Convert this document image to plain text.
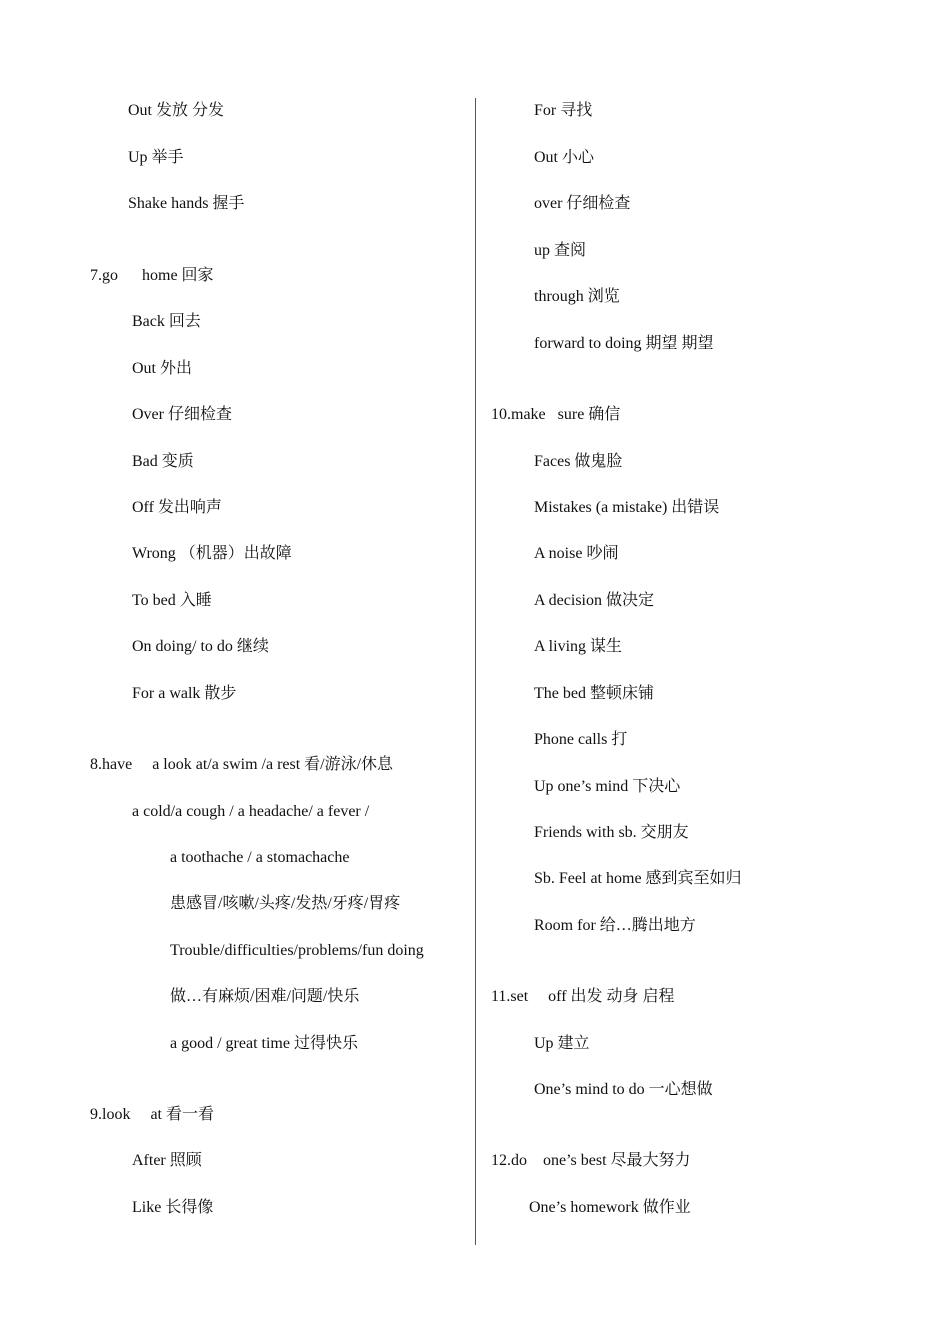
Out 发放 分发
Up 举手
Shake hands 握手
7.go      home 回家
Back 回去
Out 外出
Over 仔细检查
Bad 变质
Off 发出响声
Wrong （机器）出故障
To bed 入睡
On doing/ to do 继续
For a walk 散步
8.have     a look at/a swim /a rest 看/游泳/休息
a cold/a cough / a headache/ a fever /
a toothache / a stomachache
患感冒/咳嗽/头疼/发热/牙疼/胃疼
Trouble/difficulties/problems/fun doing
做…有麻烦/困难/问题/快乐
a good / great time 过得快乐
9.look     at 看一看
After 照顾
Like 长得像
For 寻找
Out 小心
over 仔细检查
up 查阅
through 浏览
forward to doing 期望 期望
10.make   sure 确信
Faces 做鬼脸
Mistakes (a mistake) 出错误
A noise 吵闹
A decision 做决定
A living 谋生
The bed 整顿床铺
Phone calls 打
Up one’s mind 下决心
Friends with sb. 交朋友
Sb. Feel at home 感到宾至如归
Room for 给…腾出地方
11.set     off 出发 动身 启程
Up 建立
One’s mind to do 一心想做
12.do    one’s best 尽最大努力
One’s homework 做作业
